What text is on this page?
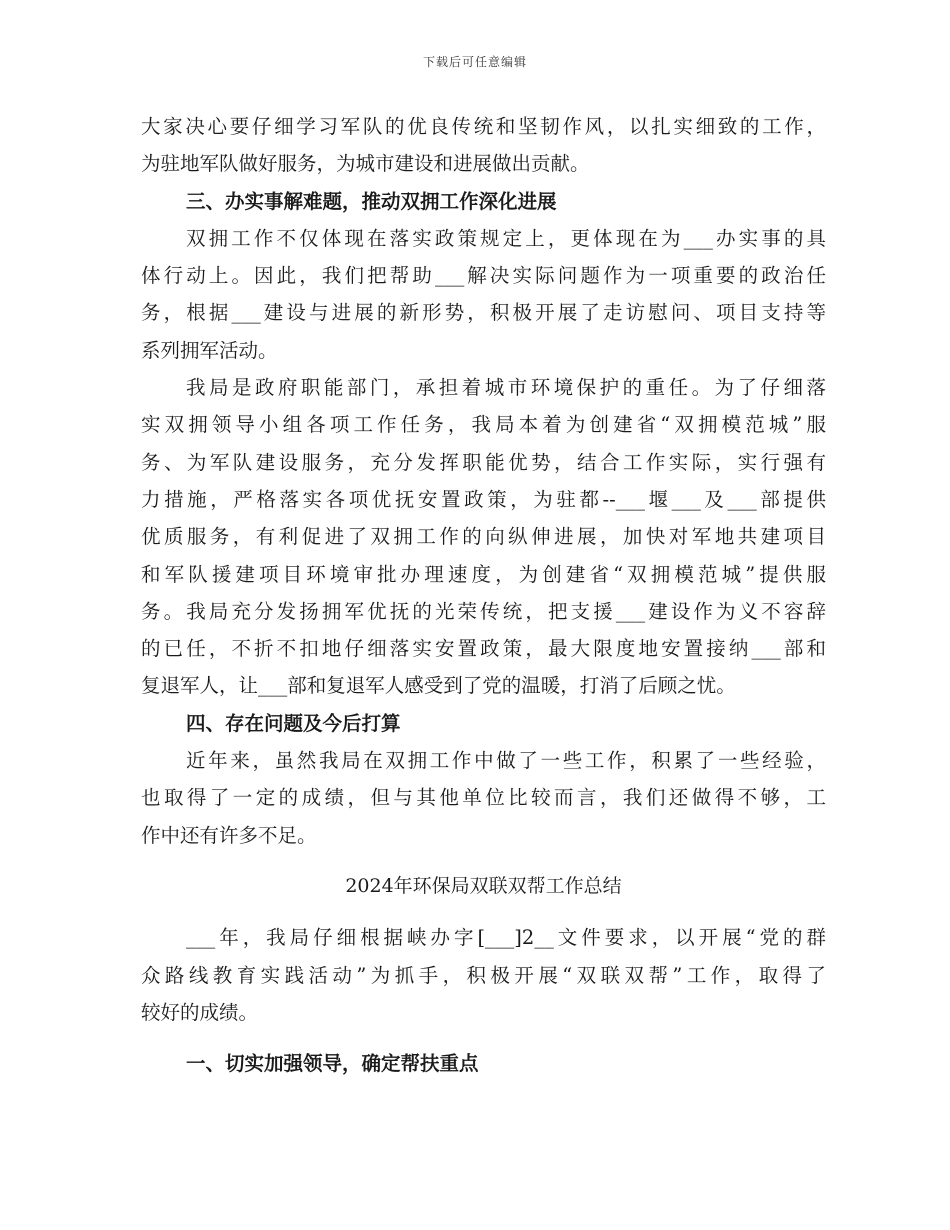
下载后可任意编辑
大家决心要仔细学习军队的优良传统和坚韧作风，以扎实细致的工作，
为驻地军队做好服务，为城市建设和进展做出贡献。
三、办实事解难题，推动双拥工作深化进展
双拥工作不仅体现在落实政策规定上，更体现在为___办实事的具
体行动上。因此，我们把帮助___解决实际问题作为一项重要的政治任
务，根据___建设与进展的新形势，积极开展了走访慰问、项目支持等
系列拥军活动。
我局是政府职能部门，承担着城市环境保护的重任。为了仔细落
实双拥领导小组各项工作任务，我局本着为创建省“双拥模范城”服
务、为军队建设服务，充分发挥职能优势，结合工作实际，实行强有
力措施，严格落实各项优抚安置政策，为驻都--___堰___及___部提供
优质服务，有利促进了双拥工作的向纵伸进展，加快对军地共建项目
和军队援建项目环境审批办理速度，为创建省“双拥模范城”提供服
务。我局充分发扬拥军优抚的光荣传统，把支援___建设作为义不容辞
的已任，不折不扣地仔细落实安置政策，最大限度地安置接纳___部和
复退军人，让___部和复退军人感受到了党的温暖，打消了后顾之忧。
四、存在问题及今后打算
近年来，虽然我局在双拥工作中做了一些工作，积累了一些经验，
也取得了一定的成绩，但与其他单位比较而言，我们还做得不够，工
作中还有许多不足。
2024年环保局双联双帮工作总结
___年，我局仔细根据峡办字[___]2__文件要求，以开展“党的群
众路线教育实践活动”为抓手，积极开展“双联双帮”工作，取得了
较好的成绩。
一、切实加强领导，确定帮扶重点
